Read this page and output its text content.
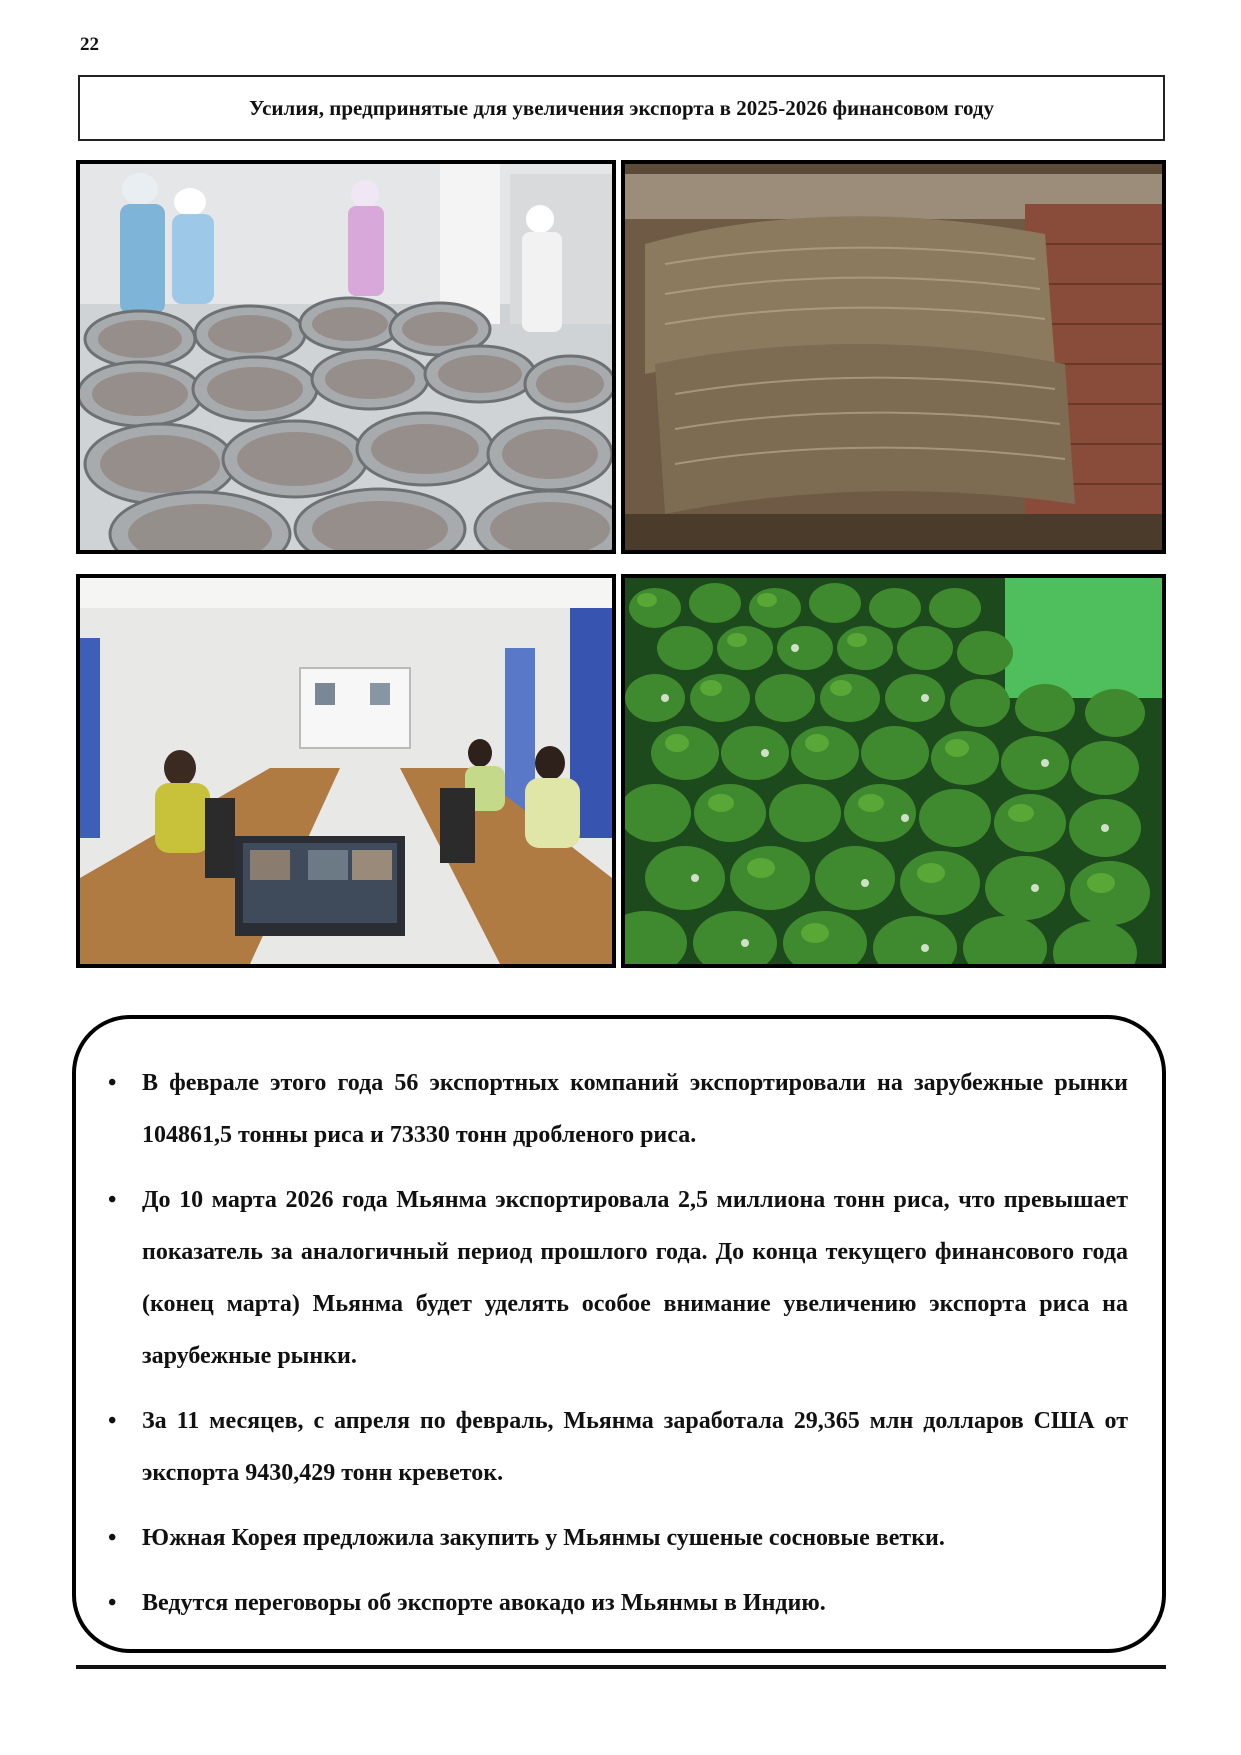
22
Усилия, предпринятые для увеличения экспорта в 2025-2026 финансовом году
• В феврале этого года 56 экспортных компаний экспортировали на зарубежные рынки 104861,5 тонны риса и 73330 тонн дробленого риса.
• До 10 марта 2026 года Мьянма экспортировала 2,5 миллиона тонн риса, что превышает показатель за аналогичный период прошлого года. До конца текущего финансового года (конец марта) Мьянма будет уделять особое внимание увеличению экспорта риса на зарубежные рынки.
• За 11 месяцев, с апреля по февраль, Мьянма заработала 29,365 млн долларов США от экспорта 9430,429 тонн креветок.
• Южная Корея предложила закупить у Мьянмы сушеные сосновые ветки.
• Ведутся переговоры об экспорте авокадо из Мьянмы в Индию.
